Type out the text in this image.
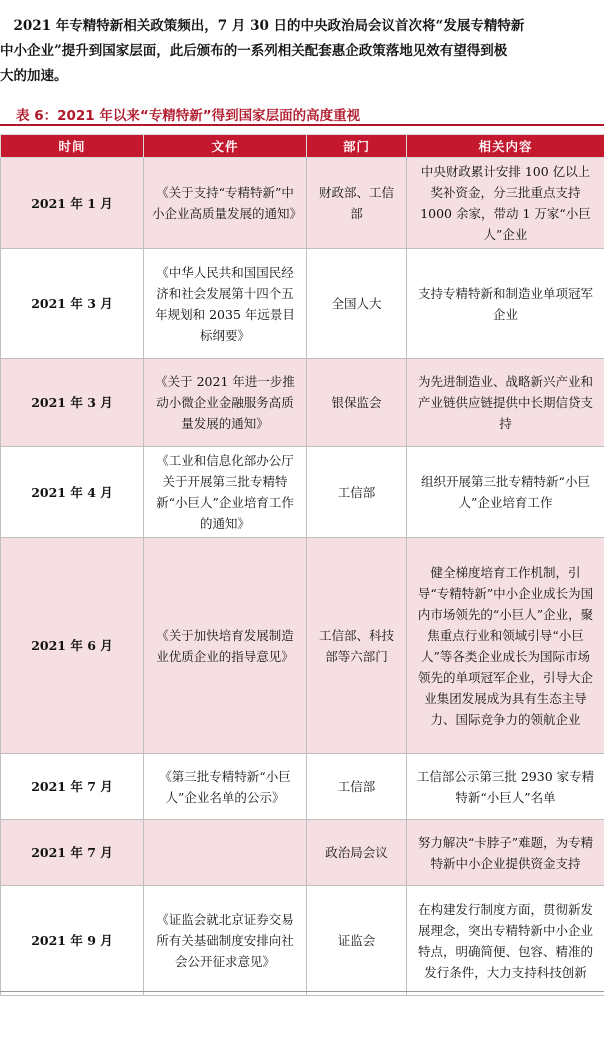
　2021 年专精特新相关政策频出，7 月 30 日的中央政治局会议首次将“发展专精特新
中小企业”提升到国家层面，此后颁布的一系列相关配套惠企政策落地见效有望得到极
大的加速。
表 6：2021 年以来“专精特新”得到国家层面的高度重视
时间	文件	部门	相关内容
2021 年 1 月	《关于支持“专精特新”中小企业高质量发展的通知》	财政部、工信部	中央财政累计安排 100 亿以上奖补资金，分三批重点支持 1000 余家，带动 1 万家“小巨人”企业
2021 年 3 月	《中华人民共和国国民经济和社会发展第十四个五年规划和 2035 年远景目标纲要》	全国人大	支持专精特新和制造业单项冠军企业
2021 年 3 月	《关于 2021 年进一步推动小微企业金融服务高质量发展的通知》	银保监会	为先进制造业、战略新兴产业和产业链供应链提供中长期信贷支持
2021 年 4 月	《工业和信息化部办公厅关于开展第三批专精特新“小巨人”企业培育工作的通知》	工信部	组织开展第三批专精特新“小巨人”企业培育工作
2021 年 6 月	《关于加快培育发展制造业优质企业的指导意见》	工信部、科技部等六部门	健全梯度培育工作机制，引导“专精特新”中小企业成长为国内市场领先的“小巨人”企业，聚焦重点行业和领域引导“小巨人”等各类企业成长为国际市场领先的单项冠军企业，引导大企业集团发展成为具有生态主导力、国际竞争力的领航企业
2021 年 7 月	《第三批专精特新“小巨人”企业名单的公示》	工信部	工信部公示第三批 2930 家专精特新“小巨人”名单
2021 年 7 月		政治局会议	努力解决“卡脖子”难题，为专精特新中小企业提供资金支持
2021 年 9 月	《证监会就北京证券交易所有关基础制度安排向社会公开征求意见》	证监会	在构建发行制度方面，贯彻新发展理念，突出专精特新中小企业特点，明确简便、包容、精准的发行条件，大力支持科技创新
